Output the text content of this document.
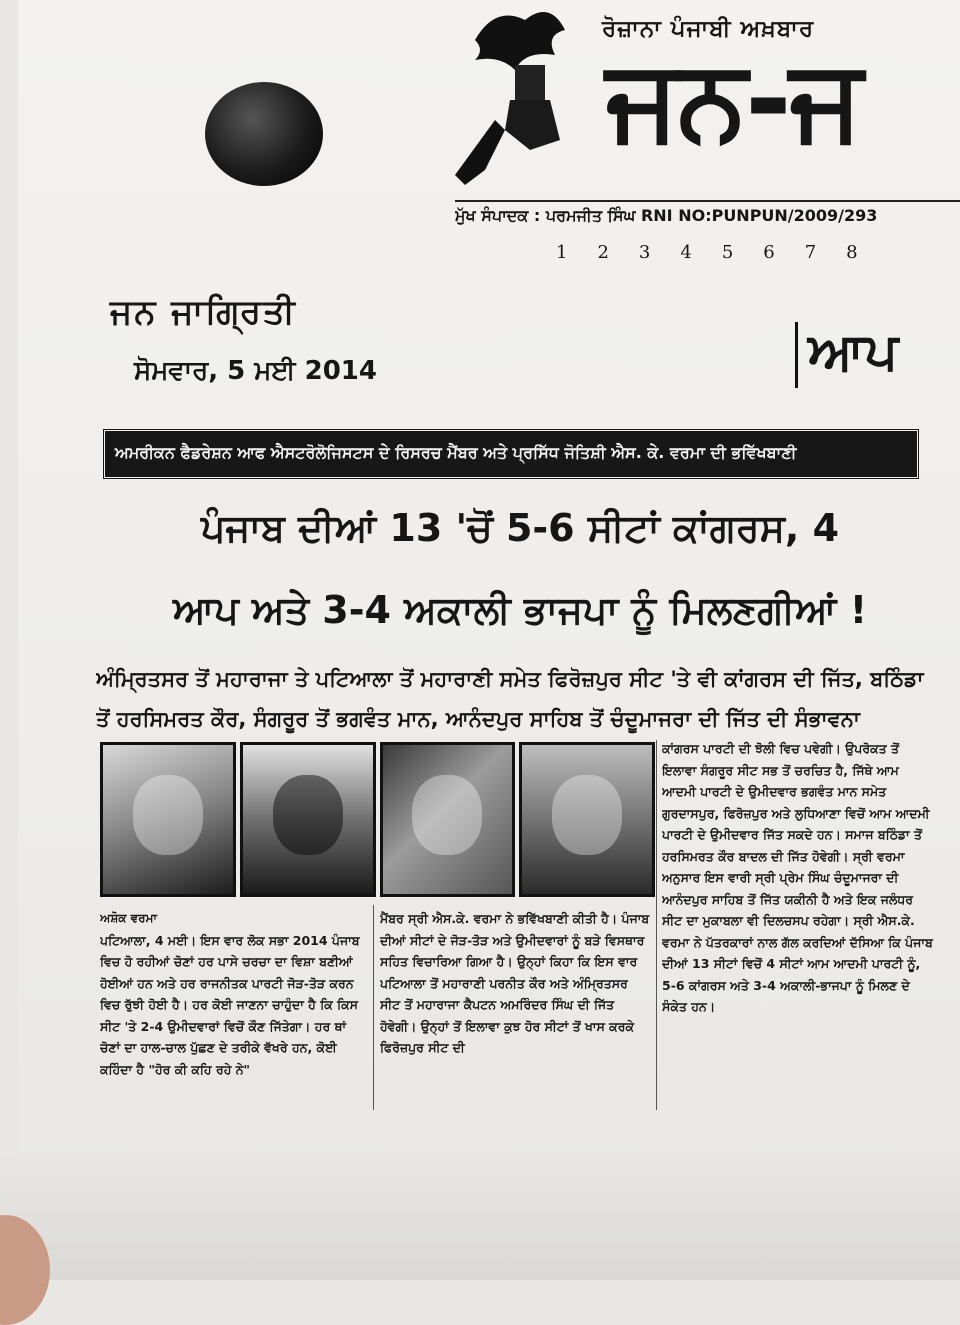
ਰੋਜ਼ਾਨਾ ਪੰਜਾਬੀ ਅਖ਼ਬਾਰ
ਜਨ-ਜ
ਮੁੱਖ ਸੰਪਾਦਕ : ਪਰਮਜੀਤ ਸਿੰਘ RNI NO:PUNPUN/2009/293
1 2 3 4 5 6 7 8
ਜਨ ਜਾਗ੍ਰਿਤੀ
ਸੋਮਵਾਰ, 5 ਮਈ 2014	ਆਪ
ਅਮਰੀਕਨ ਫੈਡਰੇਸ਼ਨ ਆਫ ਐਸਟਰੋਲੋਜਿਸਟਸ ਦੇ ਰਿਸਰਚ ਮੈਂਬਰ ਅਤੇ ਪ੍ਰਸਿੱਧ ਜੋਤਿਸ਼ੀ ਐਸ. ਕੇ. ਵਰਮਾ ਦੀ ਭਵਿੱਖਬਾਣੀ
ਪੰਜਾਬ ਦੀਆਂ 13 'ਚੋਂ 5-6 ਸੀਟਾਂ ਕਾਂਗਰਸ, 4
ਆਪ ਅਤੇ 3-4 ਅਕਾਲੀ ਭਾਜਪਾ ਨੂੰ ਮਿਲਣਗੀਆਂ !
ਅੰਮ੍ਰਿਤਸਰ ਤੋਂ ਮਹਾਰਾਜਾ ਤੇ ਪਟਿਆਲਾ ਤੋਂ ਮਹਾਰਾਣੀ ਸਮੇਤ ਫਿਰੋਜ਼ਪੁਰ ਸੀਟ 'ਤੇ ਵੀ ਕਾਂਗਰਸ ਦੀ ਜਿੱਤ, ਬਠਿੰਡਾ
ਤੋਂ ਹਰਸਿਮਰਤ ਕੌਰ, ਸੰਗਰੂਰ ਤੋਂ ਭਗਵੰਤ ਮਾਨ, ਆਨੰਦਪੁਰ ਸਾਹਿਬ ਤੋਂ ਚੰਦੂਮਾਜਰਾ ਦੀ ਜਿੱਤ ਦੀ ਸੰਭਾਵਨਾ

ਅਸ਼ੋਕ ਵਰਮਾ

ਪਟਿਆਲਾ, 4 ਮਈ। ਇਸ ਵਾਰ ਲੋਕ ਸਭਾ 2014 ਪੰਜਾਬ ਵਿਚ ਹੋ ਰਹੀਆਂ ਚੋਣਾਂ ਹਰ ਪਾਸੇ ਚਰਚਾ ਦਾ ਵਿਸ਼ਾ ਬਣੀਆਂ ਹੋਈਆਂ ਹਨ ਅਤੇ ਹਰ ਰਾਜਨੀਤਕ ਪਾਰਟੀ ਜੋੜ-ਤੋੜ ਕਰਨ ਵਿਚ ਰੁੱਝੀ ਹੋਈ ਹੈ। ਹਰ ਕੋਈ ਜਾਣਨਾ ਚਾਹੁੰਦਾ ਹੈ ਕਿ ਕਿਸ ਸੀਟ 'ਤੇ 2-4 ਉਮੀਦਵਾਰਾਂ ਵਿਚੋਂ ਕੌਣ ਜਿੱਤੇਗਾ। ਹਰ ਥਾਂ ਚੋਣਾਂ ਦਾ ਹਾਲ-ਚਾਲ ਪੁੱਛਣ ਦੇ ਤਰੀਕੇ ਵੱਖਰੇ ਹਨ, ਕੋਈ ਕਹਿੰਦਾ ਹੈ "ਹੋਰ ਕੀ ਕਹਿ ਰਹੇ ਨੇ"

ਮੈਂਬਰ ਸ੍ਰੀ ਐਸ.ਕੇ. ਵਰਮਾ ਨੇ ਭਵਿੱਖਬਾਣੀ ਕੀਤੀ ਹੈ। ਪੰਜਾਬ ਦੀਆਂ ਸੀਟਾਂ ਦੇ ਜੋੜ-ਤੋੜ ਅਤੇ ਉਮੀਦਵਾਰਾਂ ਨੂੰ ਬੜੇ ਵਿਸਥਾਰ ਸਹਿਤ ਵਿਚਾਰਿਆ ਗਿਆ ਹੈ। ਉਨ੍ਹਾਂ ਕਿਹਾ ਕਿ ਇਸ ਵਾਰ ਪਟਿਆਲਾ ਤੋਂ ਮਹਾਰਾਣੀ ਪਰਨੀਤ ਕੌਰ ਅਤੇ ਅੰਮ੍ਰਿਤਸਰ ਸੀਟ ਤੋਂ ਮਹਾਰਾਜਾ ਕੈਪਟਨ ਅਮਰਿੰਦਰ ਸਿੰਘ ਦੀ ਜਿੱਤ ਹੋਵੇਗੀ। ਉਨ੍ਹਾਂ ਤੋਂ ਇਲਾਵਾ ਕੁਝ ਹੋਰ ਸੀਟਾਂ ਤੋਂ ਖਾਸ ਕਰਕੇ ਫਿਰੋਜ਼ਪੁਰ ਸੀਟ ਦੀ

ਕਾਂਗਰਸ ਪਾਰਟੀ ਦੀ ਝੋਲੀ ਵਿਚ ਪਵੇਗੀ। ਉਪਰੋਕਤ ਤੋਂ ਇਲਾਵਾ ਸੰਗਰੂਰ ਸੀਟ ਸਭ ਤੋਂ ਚਰਚਿਤ ਹੈ, ਜਿੱਥੇ ਆਮ ਆਦਮੀ ਪਾਰਟੀ ਦੇ ਉਮੀਦਵਾਰ ਭਗਵੰਤ ਮਾਨ ਸਮੇਤ ਗੁਰਦਾਸਪੁਰ, ਫਿਰੋਜ਼ਪੁਰ ਅਤੇ ਲੁਧਿਆਣਾ ਵਿਚੋਂ ਆਮ ਆਦਮੀ ਪਾਰਟੀ ਦੇ ਉਮੀਦਵਾਰ ਜਿੱਤ ਸਕਦੇ ਹਨ। ਸਮਾਜ ਬਠਿੰਡਾ ਤੋਂ ਹਰਸਿਮਰਤ ਕੌਰ ਬਾਦਲ ਦੀ ਜਿੱਤ ਹੋਵੇਗੀ। ਸ੍ਰੀ ਵਰਮਾ ਅਨੁਸਾਰ ਇਸ ਵਾਰੀ ਸ੍ਰੀ ਪ੍ਰੇਮ ਸਿੰਘ ਚੰਦੂਮਾਜਰਾ ਦੀ ਆਨੰਦਪੁਰ ਸਾਹਿਬ ਤੋਂ ਜਿੱਤ ਯਕੀਨੀ ਹੈ ਅਤੇ ਇਕ ਜਲੰਧਰ ਸੀਟ ਦਾ ਮੁਕਾਬਲਾ ਵੀ ਦਿਲਚਸਪ ਰਹੇਗਾ। ਸ੍ਰੀ ਐਸ.ਕੇ. ਵਰਮਾ ਨੇ ਪੱਤਰਕਾਰਾਂ ਨਾਲ ਗੱਲ ਕਰਦਿਆਂ ਦੱਸਿਆ ਕਿ ਪੰਜਾਬ ਦੀਆਂ 13 ਸੀਟਾਂ ਵਿਚੋਂ 4 ਸੀਟਾਂ ਆਮ ਆਦਮੀ ਪਾਰਟੀ ਨੂੰ, 5-6 ਕਾਂਗਰਸ ਅਤੇ 3-4 ਅਕਾਲੀ-ਭਾਜਪਾ ਨੂੰ ਮਿਲਣ ਦੇ ਸੰਕੇਤ ਹਨ।
